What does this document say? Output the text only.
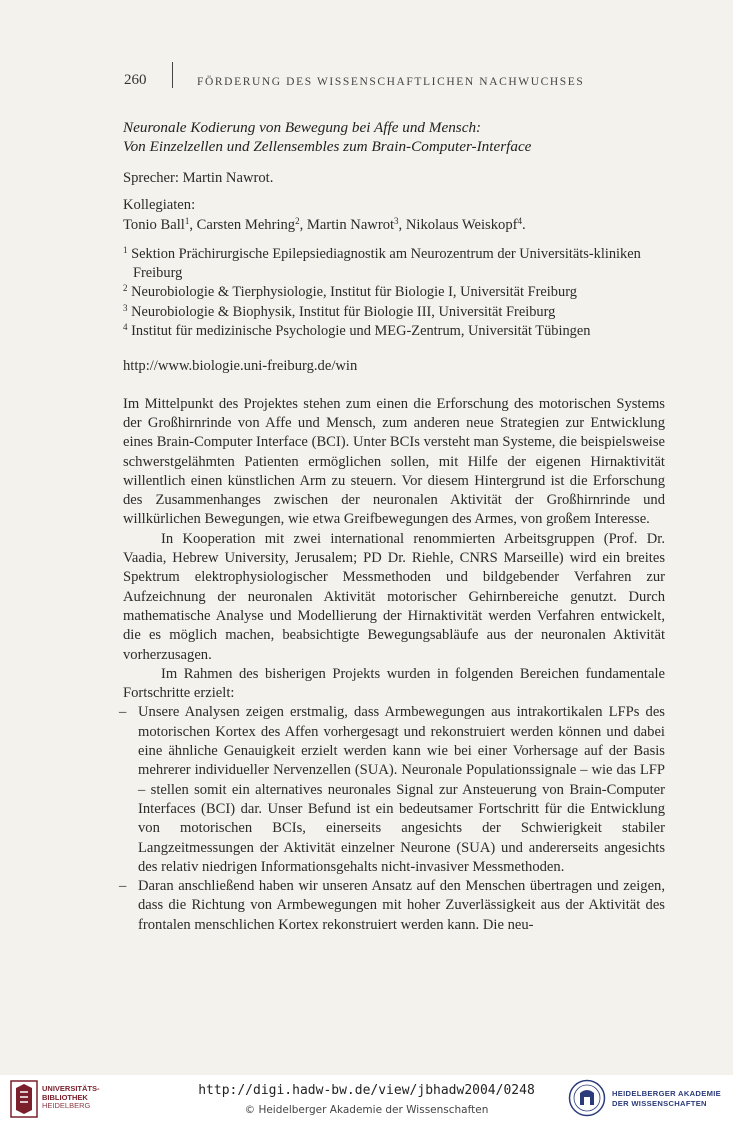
260	FÖRDERUNG DES WISSENSCHAFTLICHEN NACHWUCHSES
Neuronale Kodierung von Bewegung bei Affe und Mensch:
Von Einzelzellen und Zellensembles zum Brain-Computer-Interface
Sprecher: Martin Nawrot.
Kollegiaten:
Tonio Ball$^1$, Carsten Mehring$^2$, Martin Nawrot$^3$, Nikolaus Weiskopf$^4$.
$^1$ Sektion Prächirurgische Epilepsiediagnostik am Neurozentrum der Universitäts-kliniken Freiburg
$^2$ Neurobiologie & Tierphysiologie, Institut für Biologie I, Universität Freiburg
$^3$ Neurobiologie & Biophysik, Institut für Biologie III, Universität Freiburg
$^4$ Institut für medizinische Psychologie und MEG-Zentrum, Universität Tübingen
http://www.biologie.uni-freiburg.de/win

Im Mittelpunkt des Projektes stehen zum einen die Erforschung des motorischen Systems der Großhirnrinde von Affe und Mensch, zum anderen neue Strategien zur Entwicklung eines Brain-Computer Interface (BCI). Unter BCIs versteht man Systeme, die beispielsweise schwerstgelähmten Patienten ermöglichen sollen, mit Hilfe der eigenen Hirnaktivität willentlich einen künstlichen Arm zu steuern. Vor diesem Hintergrund ist die Erforschung des Zusammenhanges zwischen der neuronalen Aktivität der Großhirnrinde und willkürlichen Bewegungen, wie etwa Greifbewegungen des Armes, von großem Interesse.

In Kooperation mit zwei international renommierten Arbeitsgruppen (Prof. Dr. Vaadia, Hebrew University, Jerusalem; PD Dr. Riehle, CNRS Marseille) wird ein breites Spektrum elektrophysiologischer Messmethoden und bildgebender Verfahren zur Aufzeichnung der neuronalen Aktivität motorischer Gehirnbereiche genutzt. Durch mathematische Analyse und Modellierung der Hirnaktivität werden Verfahren entwickelt, die es möglich machen, beabsichtigte Bewegungsabläufe aus der neuronalen Aktivität vorherzusagen.

Im Rahmen des bisherigen Projekts wurden in folgenden Bereichen fundamentale Fortschritte erzielt:

– Unsere Analysen zeigen erstmalig, dass Armbewegungen aus intrakortikalen LFPs des motorischen Kortex des Affen vorhergesagt und rekonstruiert werden können und dabei eine ähnliche Genauigkeit erzielt werden kann wie bei einer Vorhersage auf der Basis mehrerer individueller Nervenzellen (SUA). Neuronale Populationssignale – wie das LFP – stellen somit ein alternatives neuronales Signal zur Ansteuerung von Brain-Computer Interfaces (BCI) dar. Unser Befund ist ein bedeutsamer Fortschritt für die Entwicklung von motorischen BCIs, einerseits angesichts der Schwierigkeit stabiler Langzeitmessungen der Aktivität einzelner Neurone (SUA) und andererseits angesichts des relativ niedrigen Informationsgehalts nicht-invasiver Messmethoden.
– Daran anschließend haben wir unseren Ansatz auf den Menschen übertragen und zeigen, dass die Richtung von Armbewegungen mit hoher Zuverlässigkeit aus der Aktivität des frontalen menschlichen Kortex rekonstruiert werden kann. Die neu-
UNIVERSITÄTS-
BIBLIOTHEK
HEIDELBERG
http://digi.hadw-bw.de/view/jbhadw2004/0248
© Heidelberger Akademie der Wissenschaften
HEIDELBERGER AKADEMIE
DER WISSENSCHAFTEN
